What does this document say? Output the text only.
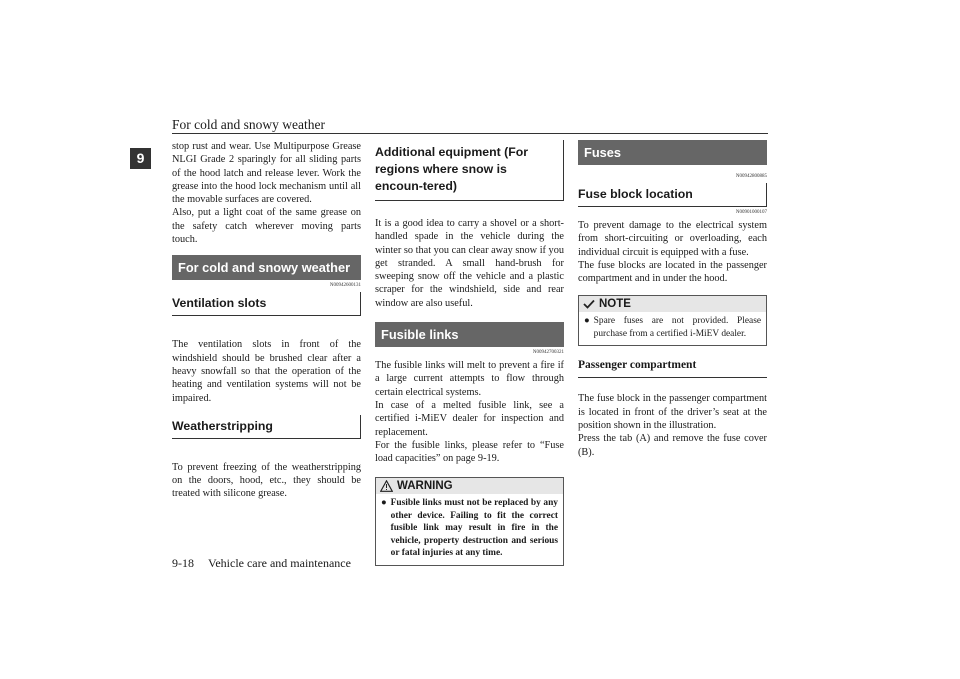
For cold and snowy weather
9

stop rust and wear. Use Multipurpose Grease NLGI Grade 2 sparingly for all sliding parts of the hood latch and release lever. Work the grease into the hood lock mechanism until all the movable surfaces are covered.

Also, put a light coat of the same grease on the safety catch wherever moving parts touch.

For cold and snowy weather
N00942600131
Ventilation slots

The ventilation slots in front of the windshield should be brushed clear after a heavy snowfall so that the operation of the heating and ventilation systems will not be impaired.

Weatherstripping

To prevent freezing of the weatherstripping on the doors, hood, etc., they should be treated with silicone grease.

Additional equipment (For regions where snow is encoun-tered)

It is a good idea to carry a shovel or a short-handled spade in the vehicle during the winter so that you can clear away snow if you get stranded. A small hand-brush for sweeping snow off the vehicle and a plastic scraper for the windshield, side and rear window are also useful.

Fusible links
N00942700321

The fusible links will melt to prevent a fire if a large current attempts to flow through certain electrical systems.

In case of a melted fusible link, see a certified i-MiEV dealer for inspection and replacement.

For the fusible links, please refer to “Fuse load capacities” on page 9-19.

WARNING
● Fusible links must not be replaced by any other device. Failing to fit the correct fusible link may result in fire in the vehicle, property destruction and serious or fatal injuries at any time.
Fuses
N00942800885
Fuse block location
N00901000107

To prevent damage to the electrical system from short-circuiting or overloading, each individual circuit is equipped with a fuse.

The fuse blocks are located in the passenger compartment and in under the hood.

NOTE
● Spare fuses are not provided. Please purchase from a certified i-MiEV dealer.
Passenger compartment

The fuse block in the passenger compartment is located in front of the driver’s seat at the position shown in the illustration.

Press the tab (A) and remove the fuse cover (B).

9-18 Vehicle care and maintenance
